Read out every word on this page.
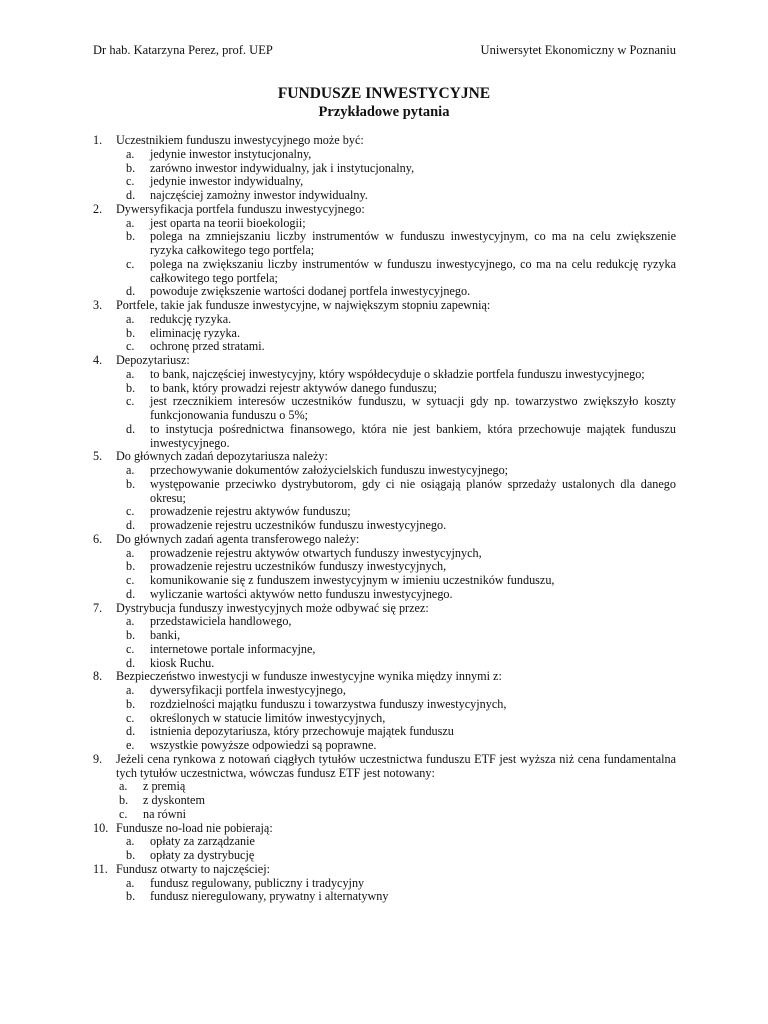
Dr hab. Katarzyna Perez, prof. UEP	Uniwersytet Ekonomiczny w Poznaniu
FUNDUSZE INWESTYCYJNE
Przykładowe pytania
1.	Uczestnikiem funduszu inwestycyjnego może być:
a.	jedynie inwestor instytucjonalny,
b.	zarówno inwestor indywidualny, jak i instytucjonalny,
c.	jedynie inwestor indywidualny,
d.	najczęściej zamożny inwestor indywidualny.
2.	Dywersyfikacja portfela funduszu inwestycyjnego:
a.	jest oparta na teorii bioekologii;
b.	polega na zmniejszaniu liczby instrumentów w funduszu inwestycyjnym, co ma na celu zwiększenie ryzyka całkowitego tego portfela;
c.	polega na zwiększaniu liczby instrumentów w funduszu inwestycyjnego, co ma na celu redukcję ryzyka całkowitego tego portfela;
d.	powoduje zwiększenie wartości dodanej portfela inwestycyjnego.
3.	Portfele, takie jak fundusze inwestycyjne, w największym stopniu zapewnią:
a.	redukcję ryzyka.
b.	eliminację ryzyka.
c.	ochronę przed stratami.
4.	Depozytariusz:
a.	to bank, najczęściej inwestycyjny, który współdecyduje o składzie portfela funduszu inwestycyjnego;
b.	to bank, który prowadzi rejestr aktywów danego funduszu;
c.	jest rzecznikiem interesów uczestników funduszu, w sytuacji gdy np. towarzystwo zwiększyło koszty funkcjonowania funduszu o 5%;
d.	to instytucja pośrednictwa finansowego, która nie jest bankiem, która przechowuje majątek funduszu inwestycyjnego.
5.	Do głównych zadań depozytariusza należy:
a.	przechowywanie dokumentów założycielskich funduszu inwestycyjnego;
b.	występowanie przeciwko dystrybutorom, gdy ci nie osiągają planów sprzedaży ustalonych dla danego okresu;
c.	prowadzenie rejestru aktywów funduszu;
d.	prowadzenie rejestru uczestników funduszu inwestycyjnego.
6.	Do głównych zadań agenta transferowego należy:
a.	prowadzenie rejestru aktywów otwartych funduszy inwestycyjnych,
b.	prowadzenie rejestru uczestników funduszy inwestycyjnych,
c.	komunikowanie się z funduszem inwestycyjnym w imieniu uczestników funduszu,
d.	wyliczanie wartości aktywów netto funduszu inwestycyjnego.
7.	Dystrybucja funduszy inwestycyjnych może odbywać się przez:
a.	przedstawiciela handlowego,
b.	banki,
c.	internetowe portale informacyjne,
d.	kiosk Ruchu.
8.	Bezpieczeństwo inwestycji w fundusze inwestycyjne wynika między innymi z:
a.	dywersyfikacji portfela inwestycyjnego,
b.	rozdzielności majątku funduszu i towarzystwa funduszy inwestycyjnych,
c.	określonych w statucie limitów inwestycyjnych,
d.	istnienia depozytariusza, który przechowuje majątek funduszu
e.	wszystkie powyższe odpowiedzi są poprawne.
9.	Jeżeli cena rynkowa z notowań ciągłych tytułów uczestnictwa funduszu ETF jest wyższa niż cena fundamentalna tych tytułów uczestnictwa, wówczas fundusz ETF jest notowany:
a.	z premią
b.	z dyskontem
c.	na równi
10. Fundusze no-load nie pobierają:
a.	opłaty za zarządzanie
b.	opłaty za dystrybucję
11. Fundusz otwarty to najczęściej:
a.	fundusz regulowany, publiczny i tradycyjny
b.	fundusz nieregulowany, prywatny i alternatywny
